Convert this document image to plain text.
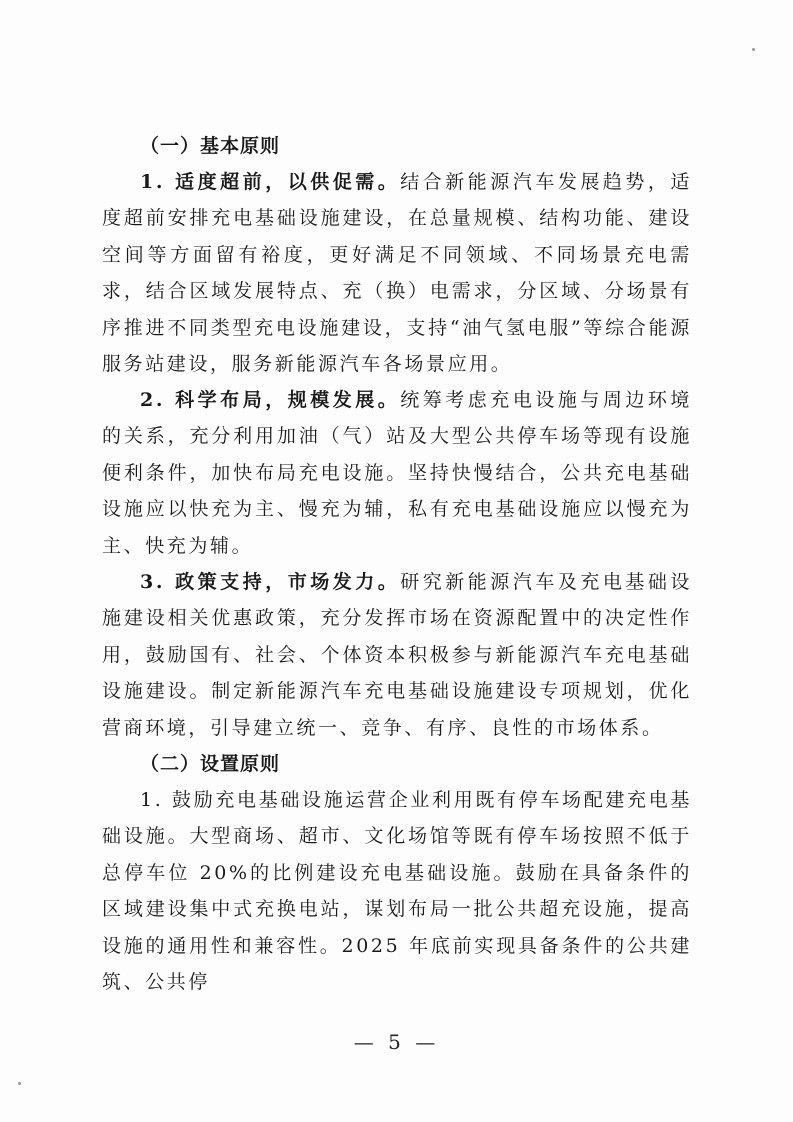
（一）基本原则
1. 适度超前，以供促需。结合新能源汽车发展趋势，适度超前安排充电基础设施建设，在总量规模、结构功能、建设空间等方面留有裕度，更好满足不同领域、不同场景充电需求，结合区域发展特点、充（换）电需求，分区域、分场景有序推进不同类型充电设施建设，支持“油气氢电服”等综合能源服务站建设，服务新能源汽车各场景应用。
2. 科学布局，规模发展。统筹考虑充电设施与周边环境的关系，充分利用加油（气）站及大型公共停车场等现有设施便利条件，加快布局充电设施。坚持快慢结合，公共充电基础设施应以快充为主、慢充为辅，私有充电基础设施应以慢充为主、快充为辅。
3. 政策支持，市场发力。研究新能源汽车及充电基础设施建设相关优惠政策，充分发挥市场在资源配置中的决定性作用，鼓励国有、社会、个体资本积极参与新能源汽车充电基础设施建设。制定新能源汽车充电基础设施建设专项规划，优化营商环境，引导建立统一、竞争、有序、良性的市场体系。
（二）设置原则
1. 鼓励充电基础设施运营企业利用既有停车场配建充电基础设施。大型商场、超市、文化场馆等既有停车场按照不低于总停车位 20%的比例建设充电基础设施。鼓励在具备条件的区域建设集中式充换电站，谋划布局一批公共超充设施，提高设施的通用性和兼容性。2025 年底前实现具备条件的公共建筑、公共停
— 5 —
